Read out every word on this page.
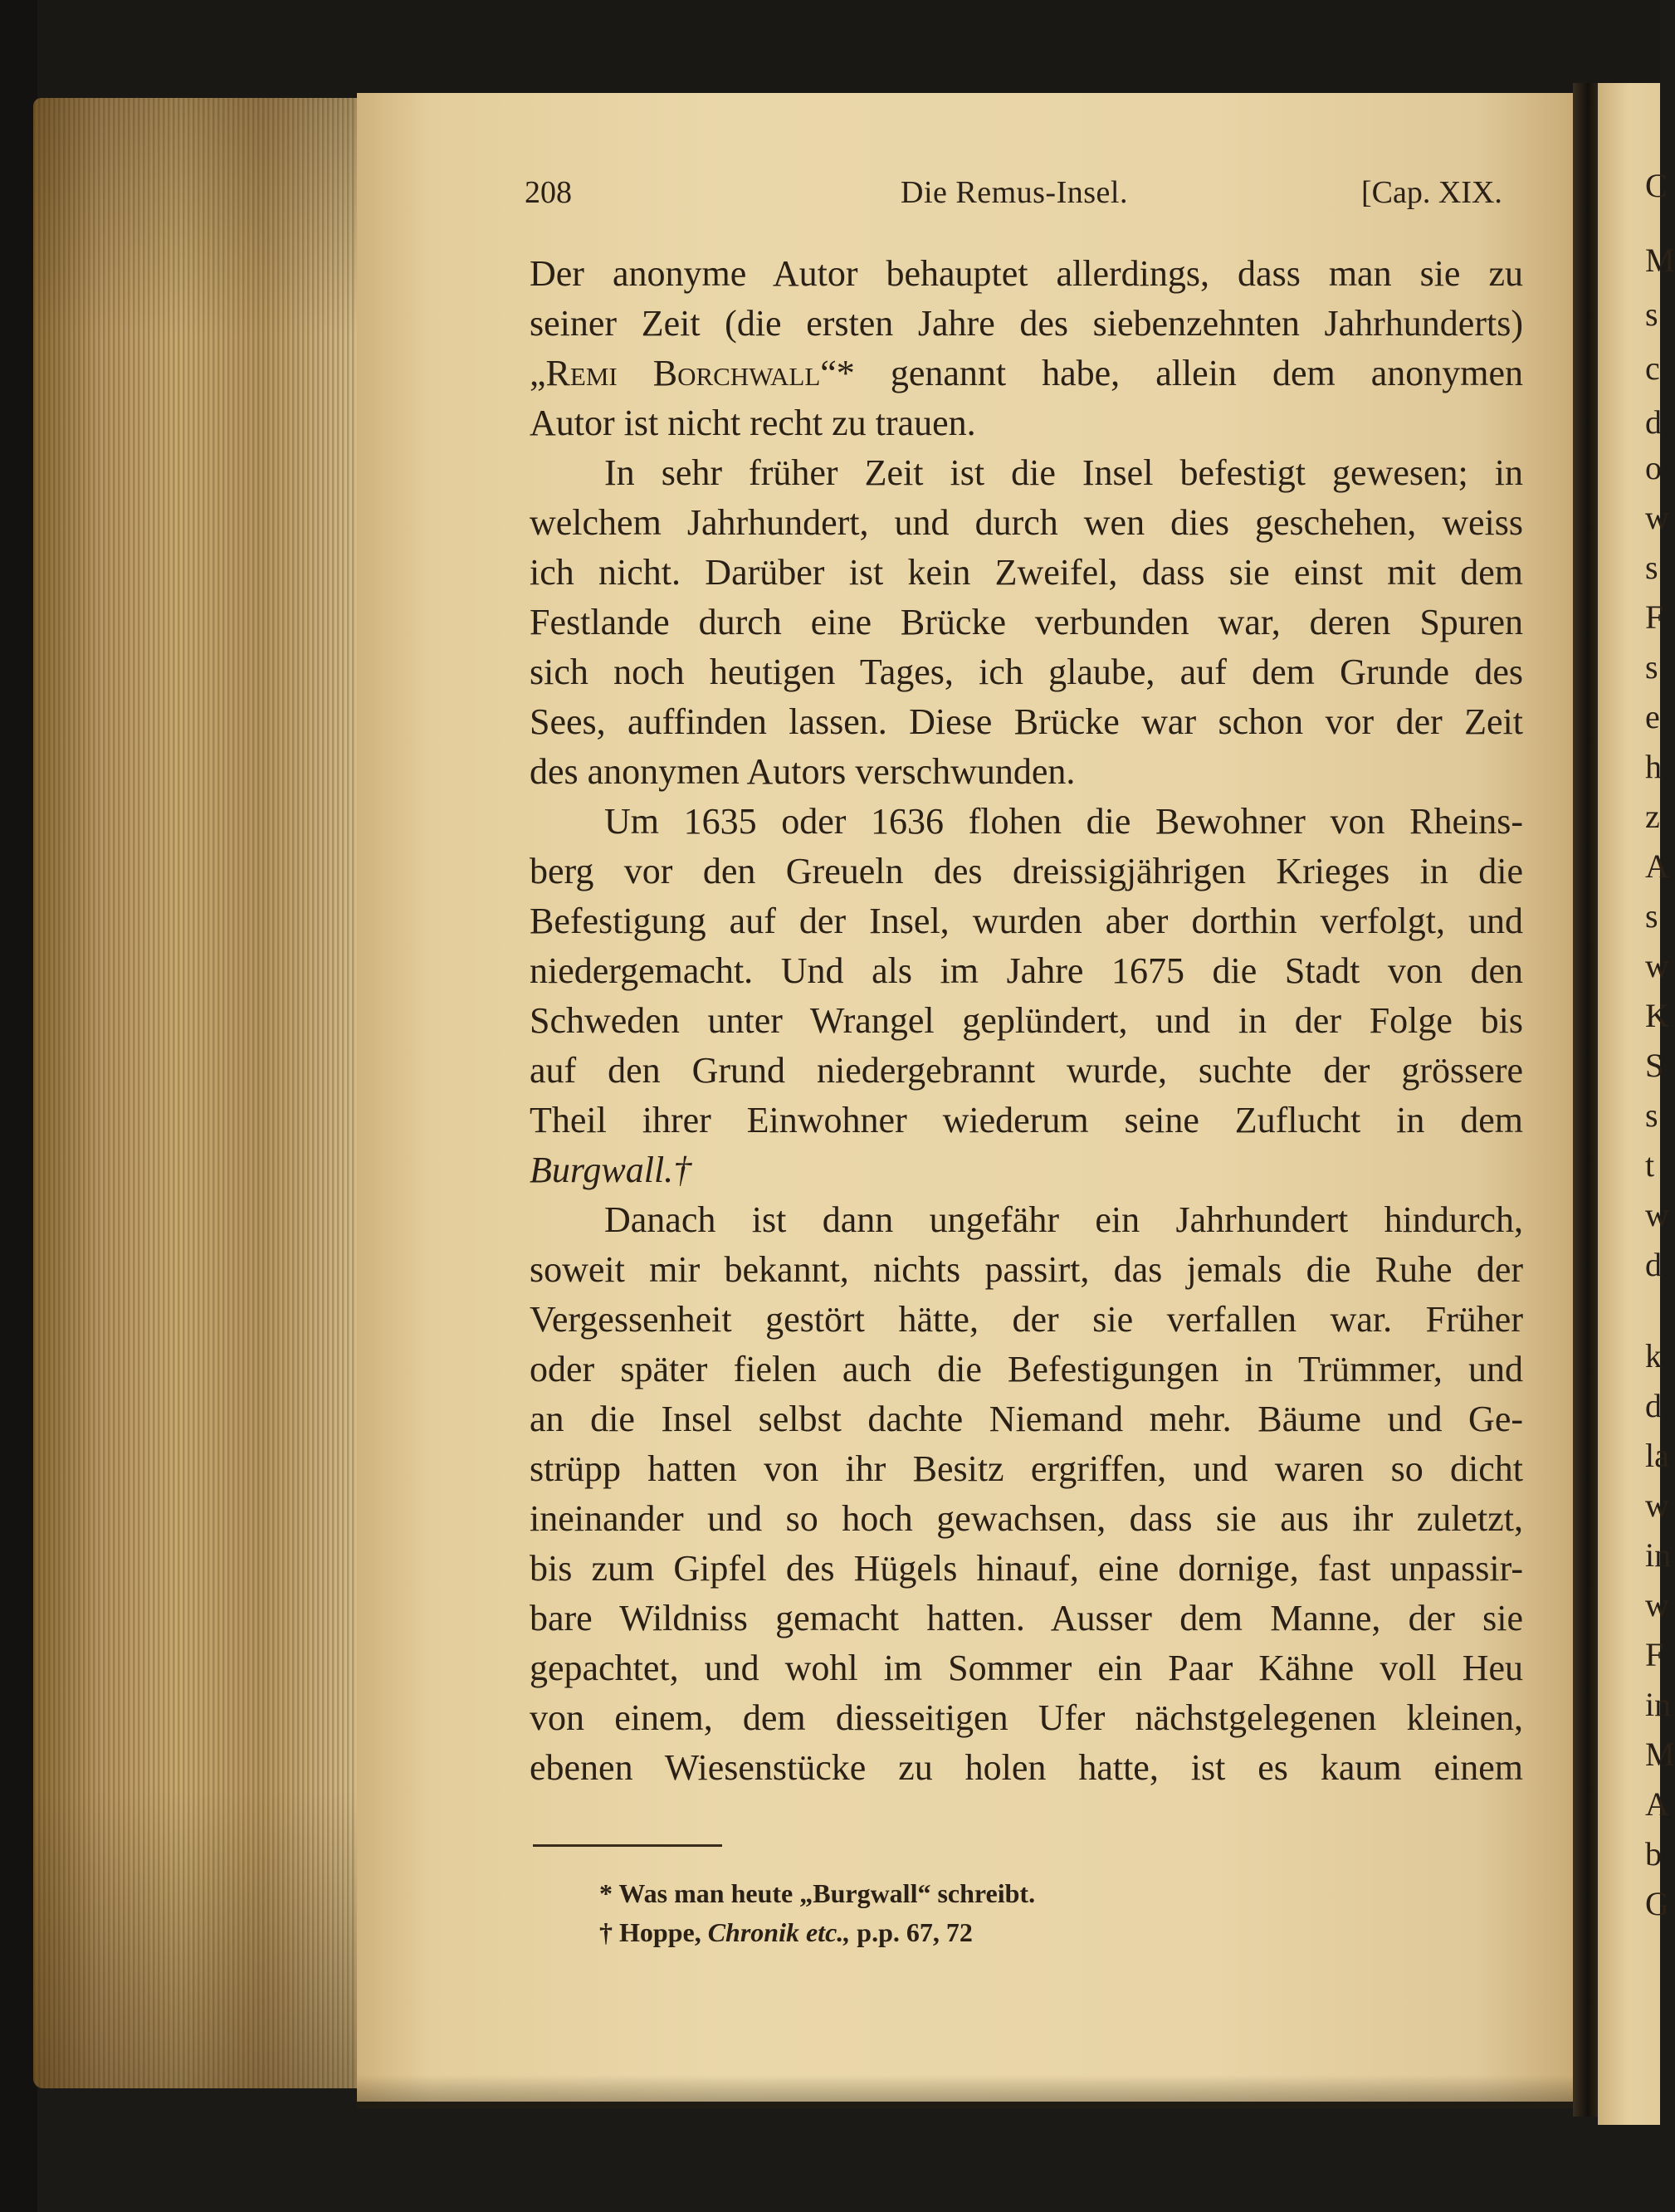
C
M
s
c
d
o
w
s
F
s
e
h
z
A
s
w
K
S
s
t
w
d
k
d
la
w
in
w
F
in
M
A
b
G
208	Die Remus-Insel.	[Cap. XIX.
Der anonyme Autor behauptet allerdings, dass man sie zu
seiner Zeit (die ersten Jahre des siebenzehnten Jahrhunderts)
„Remi Borchwall“* genannt habe, allein dem anonymen
Autor ist nicht recht zu trauen.
In sehr früher Zeit ist die Insel befestigt gewesen; in
welchem Jahrhundert, und durch wen dies geschehen, weiss
ich nicht. Darüber ist kein Zweifel, dass sie einst mit dem
Festlande durch eine Brücke verbunden war, deren Spuren
sich noch heutigen Tages, ich glaube, auf dem Grunde des
Sees, auffinden lassen. Diese Brücke war schon vor der Zeit
des anonymen Autors verschwunden.
Um 1635 oder 1636 flohen die Bewohner von Rheins-
berg vor den Greueln des dreissigjährigen Krieges in die
Befestigung auf der Insel, wurden aber dorthin verfolgt, und
niedergemacht. Und als im Jahre 1675 die Stadt von den
Schweden unter Wrangel geplündert, und in der Folge bis
auf den Grund niedergebrannt wurde, suchte der grössere
Theil ihrer Einwohner wiederum seine Zuflucht in dem
Burgwall.†
Danach ist dann ungefähr ein Jahrhundert hindurch,
soweit mir bekannt, nichts passirt, das jemals die Ruhe der
Vergessenheit gestört hätte, der sie verfallen war. Früher
oder später fielen auch die Befestigungen in Trümmer, und
an die Insel selbst dachte Niemand mehr. Bäume und Ge-
strüpp hatten von ihr Besitz ergriffen, und waren so dicht
ineinander und so hoch gewachsen, dass sie aus ihr zuletzt,
bis zum Gipfel des Hügels hinauf, eine dornige, fast unpassir-
bare Wildniss gemacht hatten. Ausser dem Manne, der sie
gepachtet, und wohl im Sommer ein Paar Kähne voll Heu
von einem, dem diesseitigen Ufer nächstgelegenen kleinen,
ebenen Wiesenstücke zu holen hatte, ist es kaum einem
* Was man heute „Burgwall“ schreibt.
† Hoppe, Chronik etc., p.p. 67, 72
